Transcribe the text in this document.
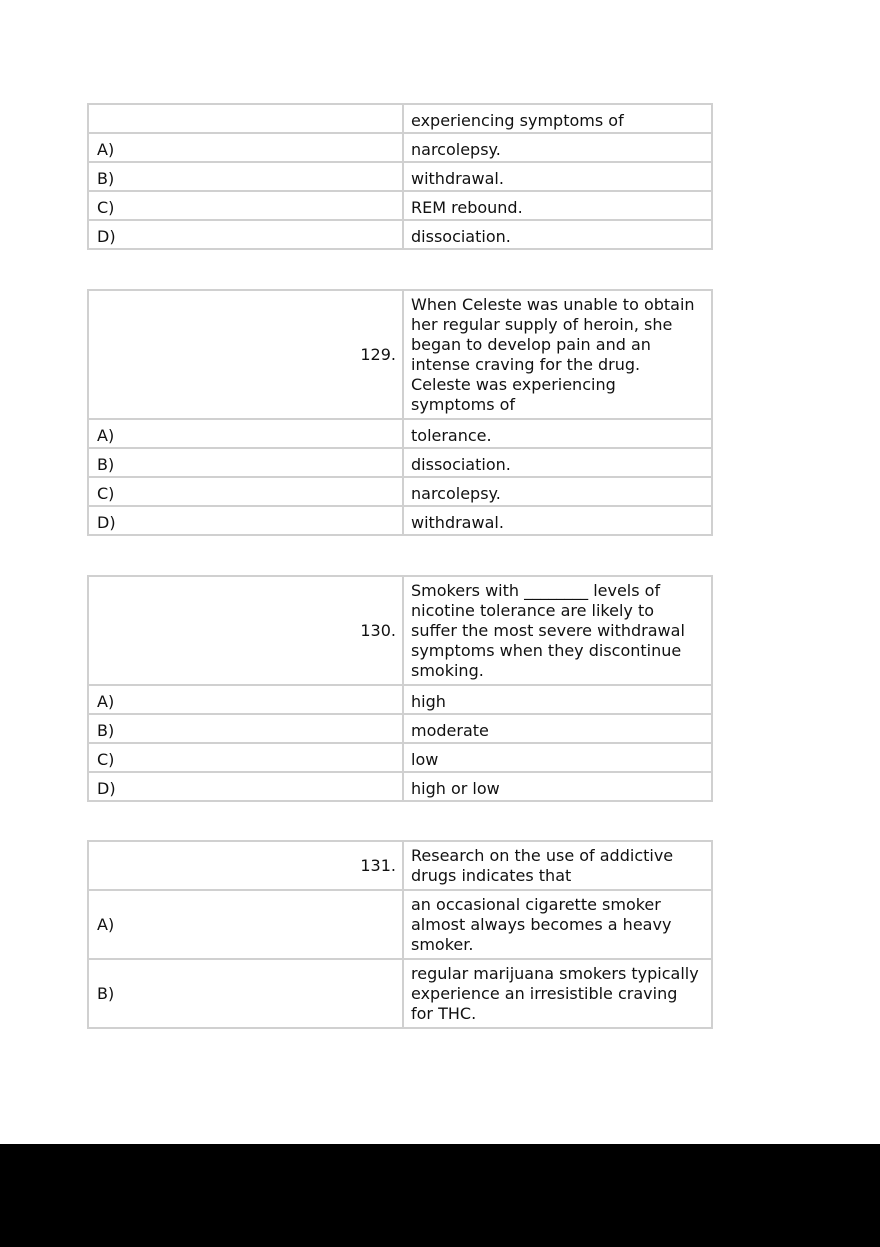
	experiencing symptoms of
A)	narcolepsy.
B)	withdrawal.
C)	REM rebound.
D)	dissociation.
129.	When Celeste was unable to obtain her regular supply of heroin, she began to develop pain and an intense craving for the drug. Celeste was experiencing symptoms of
A)	tolerance.
B)	dissociation.
C)	narcolepsy.
D)	withdrawal.
130.	Smokers with ________ levels of nicotine tolerance are likely to suffer the most severe withdrawal symptoms when they discontinue smoking.
A)	high
B)	moderate
C)	low
D)	high or low
131.	Research on the use of addictive drugs indicates that
A)	an occasional cigarette smoker almost always becomes a heavy smoker.
B)	regular marijuana smokers typically experience an irresistible craving for THC.
